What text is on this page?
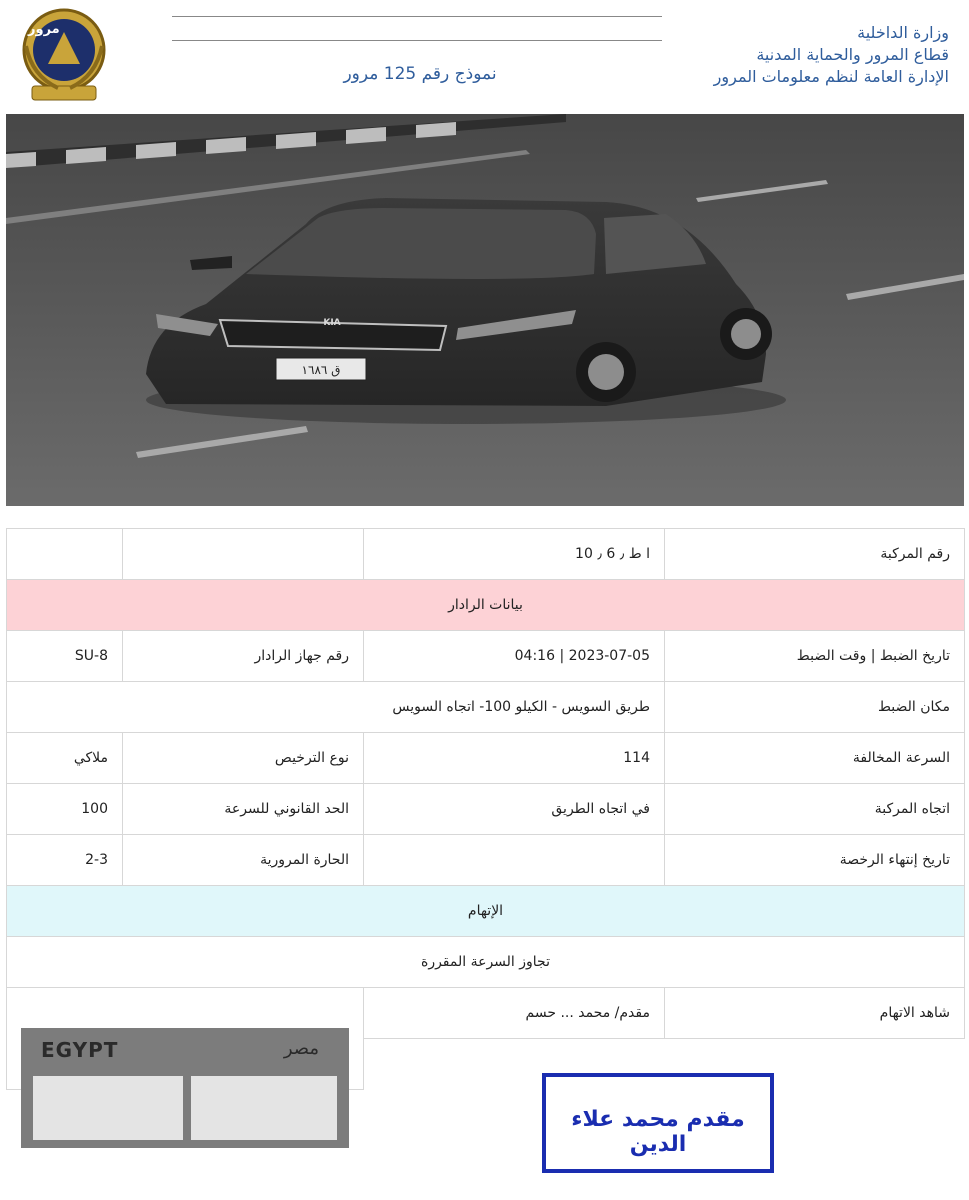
مرور
نموذج رقم 125 مرور
وزارة الداخلية
قطاع المرور والحماية المدنية
الإدارة العامة لنظم معلومات المرور
KIA
ق ١٦٨٦
رقم المركبة	ا ط ٫ 6 ٫ 10		
بيانات الرادار			
تاريخ الضبط | وقت الضبط	2023-07-05 | 04:16	رقم جهاز الرادار	SU-8
مكان الضبط	طريق السويس - الكيلو 100- اتجاه السويس		
السرعة المخالفة	114	نوع الترخيص	ملاكي
اتجاه المركبة	في اتجاه الطريق	الحد القانوني للسرعة	100
تاريخ إنتهاء الرخصة		الحارة المرورية	2-3
الإتهام			
تجاوز السرعة المقررة			
شاهد الاتهام	مقدم/ محمد ... حسم	EGYPT مصر	

مقدم محمد علاء الدين			
